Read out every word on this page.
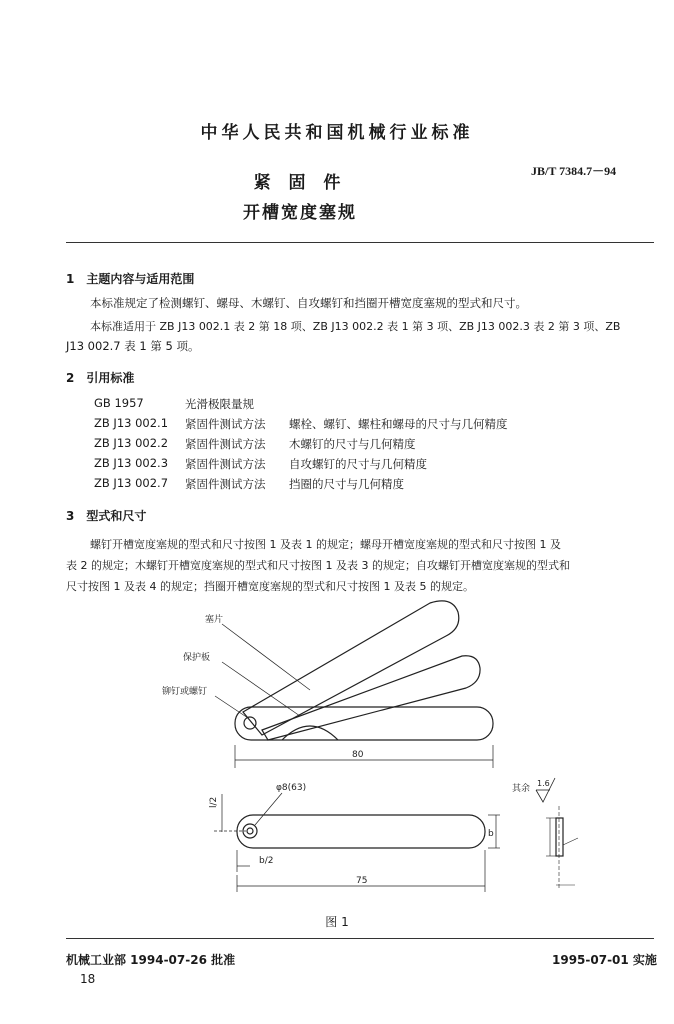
中华人民共和国机械行业标准
JB/T 7384.7－94
紧 固 件
开槽宽度塞规
1　主题内容与适用范围
本标准规定了检测螺钉、螺母、木螺钉、自攻螺钉和挡圈开槽宽度塞规的型式和尺寸。
本标准适用于 ZB J13 002.1 表 2 第 18 项、ZB J13 002.2 表 1 第 3 项、ZB J13 002.3 表 2 第 3 项、ZB
J13 002.7 表 1 第 5 项。
2　引用标准
GB 1957	光滑极限量规
ZB J13 002.1 紧固件测试方法 螺栓、螺钉、螺柱和螺母的尺寸与几何精度
ZB J13 002.2 紧固件测试方法 木螺钉的尺寸与几何精度
ZB J13 002.3 紧固件测试方法 自攻螺钉的尺寸与几何精度
ZB J13 002.7 紧固件测试方法 挡圈的尺寸与几何精度
3　型式和尺寸
螺钉开槽宽度塞规的型式和尺寸按图 1 及表 1 的规定；螺母开槽宽度塞规的型式和尺寸按图 1 及
表 2 的规定；木螺钉开槽宽度塞规的型式和尺寸按图 1 及表 3 的规定；自攻螺钉开槽宽度塞规的型式和
尺寸按图 1 及表 4 的规定；挡圈开槽宽度塞规的型式和尺寸按图 1 及表 5 的规定。
塞片
保护板
铆钉或螺钉
80
φ8(63)
l/2
b/2
b
75
其余
1.6
图 1
机械工业部 1994-07-26 批准	1995-07-01 实施
18
